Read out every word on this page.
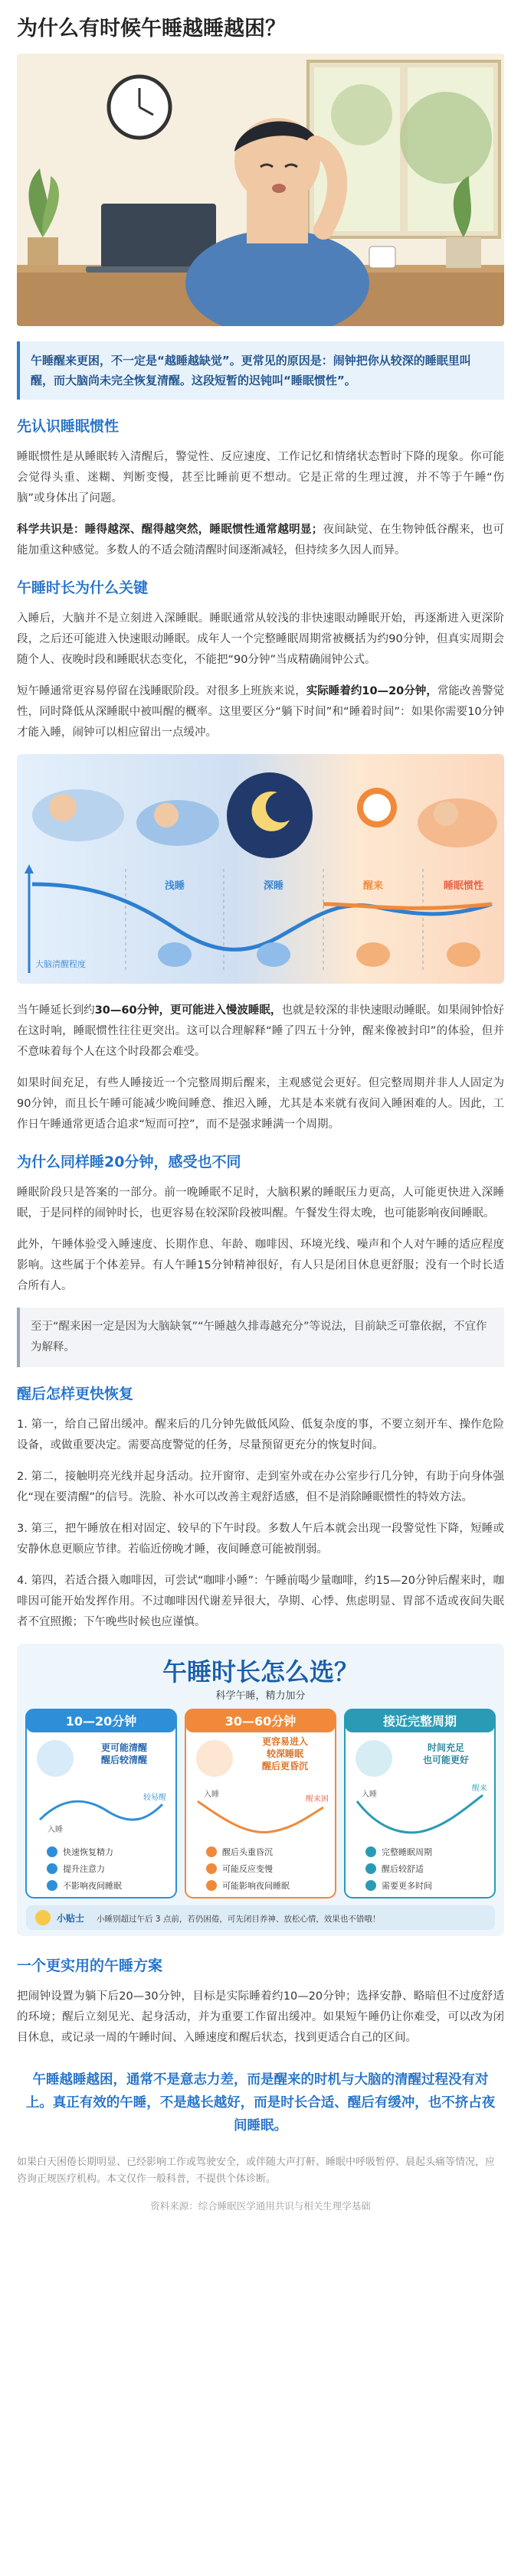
为什么有时候午睡越睡越困？
午睡醒来更困，不一定是“越睡越缺觉”。更常见的原因是：闹钟把你从较深的睡眠里叫醒，而大脑尚未完全恢复清醒。这段短暂的迟钝叫“睡眠惯性”。
先认识睡眠惯性
睡眠惯性是从睡眠转入清醒后，警觉性、反应速度、工作记忆和情绪状态暂时下降的现象。你可能会觉得头重、迷糊、判断变慢，甚至比睡前更不想动。它是正常的生理过渡，并不等于午睡“伤脑”或身体出了问题。
科学共识是：睡得越深、醒得越突然，睡眠惯性通常越明显；夜间缺觉、在生物钟低谷醒来，也可能加重这种感觉。多数人的不适会随清醒时间逐渐减轻，但持续多久因人而异。
午睡时长为什么关键
入睡后，大脑并不是立刻进入深睡眠。睡眠通常从较浅的非快速眼动睡眠开始，再逐渐进入更深阶段，之后还可能进入快速眼动睡眠。成年人一个完整睡眠周期常被概括为约90分钟，但真实周期会随个人、夜晚时段和睡眠状态变化，不能把“90分钟”当成精确闹钟公式。
短午睡通常更容易停留在浅睡眠阶段。对很多上班族来说，实际睡着约10—20分钟，常能改善警觉性，同时降低从深睡眠中被叫醒的概率。这里要区分“躺下时间”和“睡着时间”：如果你需要10分钟才能入睡，闹钟可以相应留出一点缓冲。
浅睡	深睡	醒来	睡眠惯性
大脑清醒程度
当午睡延长到约30—60分钟，更可能进入慢波睡眠，也就是较深的非快速眼动睡眠。如果闹钟恰好在这时响，睡眠惯性往往更突出。这可以合理解释“睡了四五十分钟，醒来像被封印”的体验，但并不意味着每个人在这个时段都会难受。
如果时间充足，有些人睡接近一个完整周期后醒来，主观感觉会更好。但完整周期并非人人固定为90分钟，而且长午睡可能减少晚间睡意、推迟入睡，尤其是本来就有夜间入睡困难的人。因此，工作日午睡通常更适合追求“短而可控”，而不是强求睡满一个周期。
为什么同样睡20分钟，感受也不同
睡眠阶段只是答案的一部分。前一晚睡眠不足时，大脑积累的睡眠压力更高，人可能更快进入深睡眠，于是同样的闹钟时长，也更容易在较深阶段被叫醒。午餐发生得太晚，也可能影响夜间睡眠。
此外，午睡体验受入睡速度、长期作息、年龄、咖啡因、环境光线、噪声和个人对午睡的适应程度影响。这些属于个体差异。有人午睡15分钟精神很好，有人只是闭目休息更舒服；没有一个时长适合所有人。
至于“醒来困一定是因为大脑缺氧”“午睡越久排毒越充分”等说法，目前缺乏可靠依据，不宜作为解释。
醒后怎样更快恢复
1. 第一，给自己留出缓冲。醒来后的几分钟先做低风险、低复杂度的事，不要立刻开车、操作危险设备，或做重要决定。需要高度警觉的任务，尽量预留更充分的恢复时间。
2. 第二，接触明亮光线并起身活动。拉开窗帘、走到室外或在办公室步行几分钟，有助于向身体强化“现在要清醒”的信号。洗脸、补水可以改善主观舒适感，但不是消除睡眠惯性的特效方法。
3. 第三，把午睡放在相对固定、较早的下午时段。多数人午后本就会出现一段警觉性下降，短睡或安静休息更顺应节律。若临近傍晚才睡，夜间睡意可能被削弱。
4. 第四，若适合摄入咖啡因，可尝试“咖啡小睡”：午睡前喝少量咖啡，约15—20分钟后醒来时，咖啡因可能开始发挥作用。不过咖啡因代谢差异很大，孕期、心悸、焦虑明显、胃部不适或夜间失眠者不宜照搬；下午晚些时候也应谨慎。
午睡时长怎么选？
科学午睡，精力加分
10—20分钟
更可能清醒醒后较清醒
较易醒
入睡
快速恢复精力
提升注意力
不影响夜间睡眠
30—60分钟
更容易进入较深睡眠醒后更昏沉
醒来困
入睡
醒后头重昏沉
可能反应变慢
可能影响夜间睡眠
接近完整周期
时间充足也可能更好
醒来
入睡
完整睡眠周期
醒后较舒适
需要更多时间
小贴士 小睡别超过午后 3 点前，若仍困倦，可先闭目养神、放松心情，效果也不错哦！
一个更实用的午睡方案
把闹钟设置为躺下后20—30分钟，目标是实际睡着约10—20分钟；选择安静、略暗但不过度舒适的环境；醒后立刻见光、起身活动，并为重要工作留出缓冲。如果短午睡仍让你难受，可以改为闭目休息，或记录一周的午睡时间、入睡速度和醒后状态，找到更适合自己的区间。
午睡越睡越困，通常不是意志力差，而是醒来的时机与大脑的清醒过程没有对上。真正有效的午睡，不是越长越好，而是时长合适、醒后有缓冲，也不挤占夜间睡眠。
如果白天困倦长期明显、已经影响工作或驾驶安全，或伴随大声打鼾、睡眠中呼吸暂停、晨起头痛等情况，应咨询正规医疗机构。本文仅作一般科普，不提供个体诊断。
资料来源：综合睡眠医学通用共识与相关生理学基础
